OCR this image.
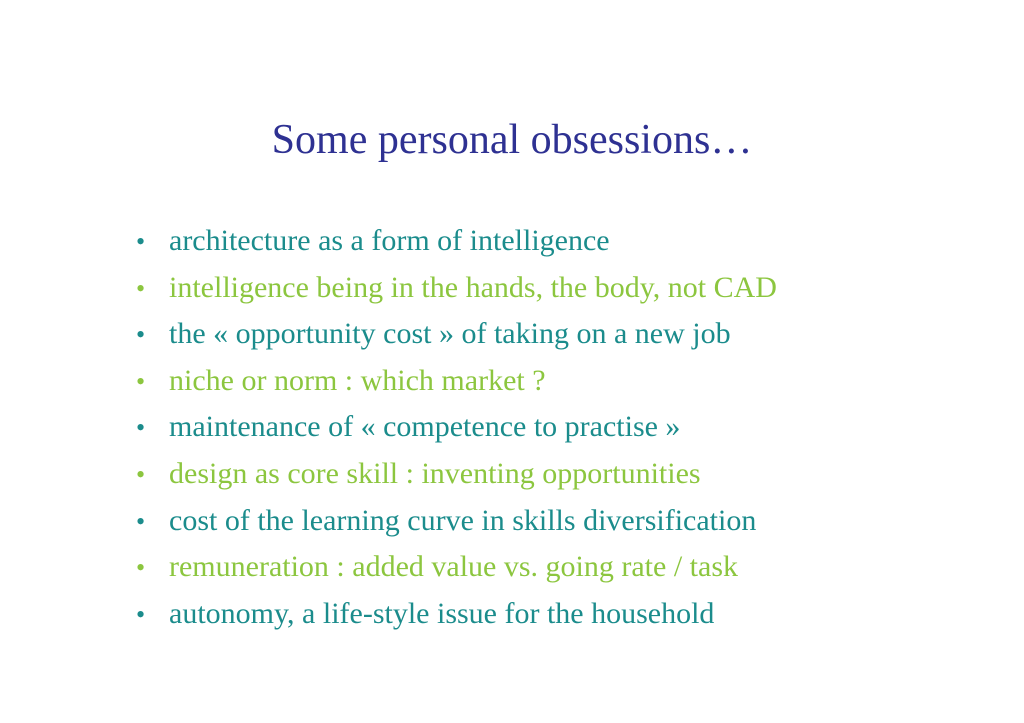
Some personal obsessions…
• architecture as a form of intelligence
• intelligence being in the hands, the body, not CAD
• the « opportunity cost » of taking on a new job
• niche or norm : which market ?
• maintenance of « competence to practise »
• design as core skill : inventing opportunities
• cost of the learning curve in skills diversification
• remuneration : added value vs. going rate / task
• autonomy, a life-style issue for the household
